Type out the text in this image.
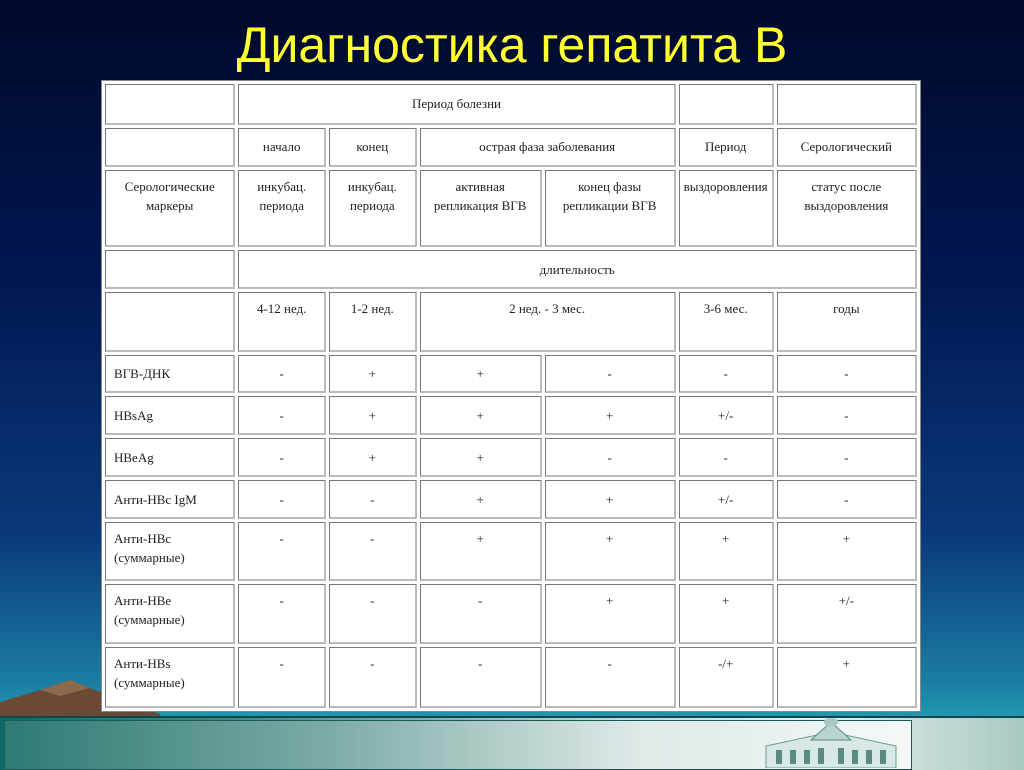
Диагностика гепатита В
	Период болезни					
	начало	конец	острая фаза заболевания		Период	Серологический
Серологические маркеры	инкубац. периода	инкубац. периода	активная репликация ВГВ	конец фазы репликации ВГВ	выздоровления	статус после выздоровления
	длительность					
	4-12 нед.	1-2 нед.	2 нед. - 3 мес.		3-6 мес.	годы
ВГВ-ДНК	-	+	+	-	-	-
HBsAg	-	+	+	+	+/-	-
HBeAg	-	+	+	-	-	-
Анти-HBc IgM	-	-	+	+	+/-	-
Анти-HBc (суммарные)	-	-	+	+	+	+
Анти-HBe (суммарные)	-	-	-	+	+	+/-
Анти-HBs (суммарные)	-	-	-	-	-/+	+
